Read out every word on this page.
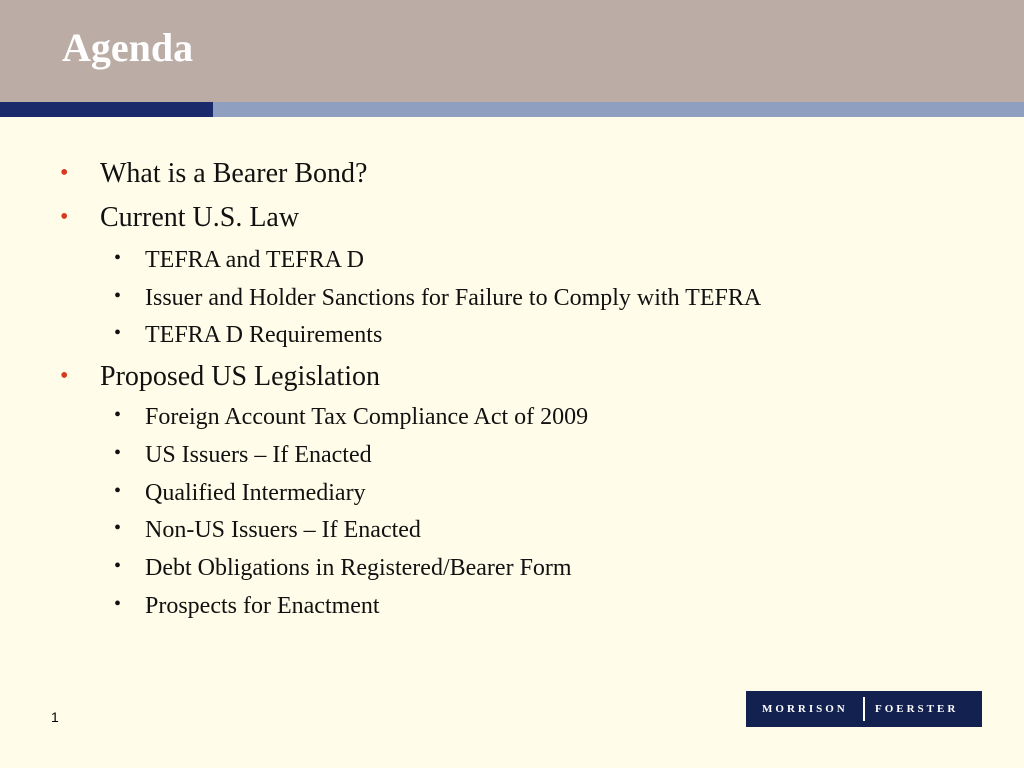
Agenda
• What is a Bearer Bond?
• Current U.S. Law
• TEFRA and TEFRA D
• Issuer and Holder Sanctions for Failure to Comply with TEFRA
• TEFRA D Requirements
• Proposed US Legislation
• Foreign Account Tax Compliance Act of 2009
• US Issuers – If Enacted
• Qualified Intermediary
• Non-US Issuers – If Enacted
• Debt Obligations in Registered/Bearer Form
• Prospects for Enactment
1	MORRISON FOERSTER
